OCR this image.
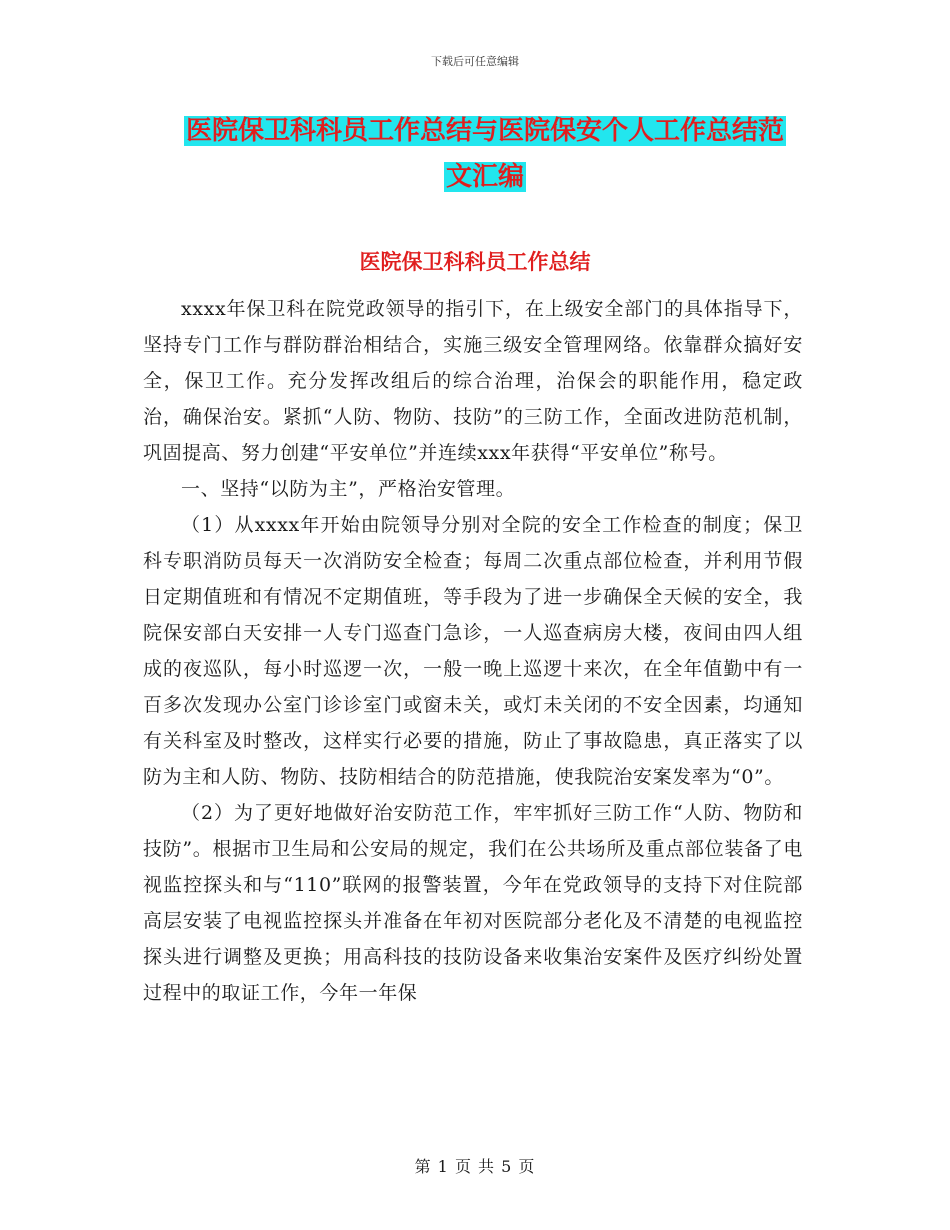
下载后可任意编辑
医院保卫科科员工作总结与医院保安个人工作总结范
文汇编
医院保卫科科员工作总结

xxxx年保卫科在院党政领导的指引下，在上级安全部门的具体指导下，坚持专门工作与群防群治相结合，实施三级安全管理网络。依靠群众搞好安全，保卫工作。充分发挥改组后的综合治理，治保会的职能作用，稳定政治，确保治安。紧抓“人防、物防、技防”的三防工作，全面改进防范机制，巩固提高、努力创建“平安单位”并连续xxx年获得“平安单位”称号。

一、坚持“以防为主”，严格治安管理。

（1）从xxxx年开始由院领导分别对全院的安全工作检查的制度；保卫科专职消防员每天一次消防安全检查；每周二次重点部位检查，并利用节假日定期值班和有情况不定期值班，等手段为了进一步确保全天候的安全，我院保安部白天安排一人专门巡查门急诊，一人巡查病房大楼，夜间由四人组成的夜巡队，每小时巡逻一次，一般一晚上巡逻十来次，在全年值勤中有一百多次发现办公室门诊诊室门或窗未关，或灯未关闭的不安全因素，均通知有关科室及时整改，这样实行必要的措施，防止了事故隐患，真正落实了以防为主和人防、物防、技防相结合的防范措施，使我院治安案发率为“0”。

（2）为了更好地做好治安防范工作，牢牢抓好三防工作“人防、物防和技防”。根据市卫生局和公安局的规定，我们在公共场所及重点部位装备了电视监控探头和与“110”联网的报警装置，今年在党政领导的支持下对住院部高层安装了电视监控探头并准备在年初对医院部分老化及不清楚的电视监控探头进行调整及更换；用高科技的技防设备来收集治安案件及医疗纠纷处置过程中的取证工作，今年一年保

第 1 页 共 5 页
